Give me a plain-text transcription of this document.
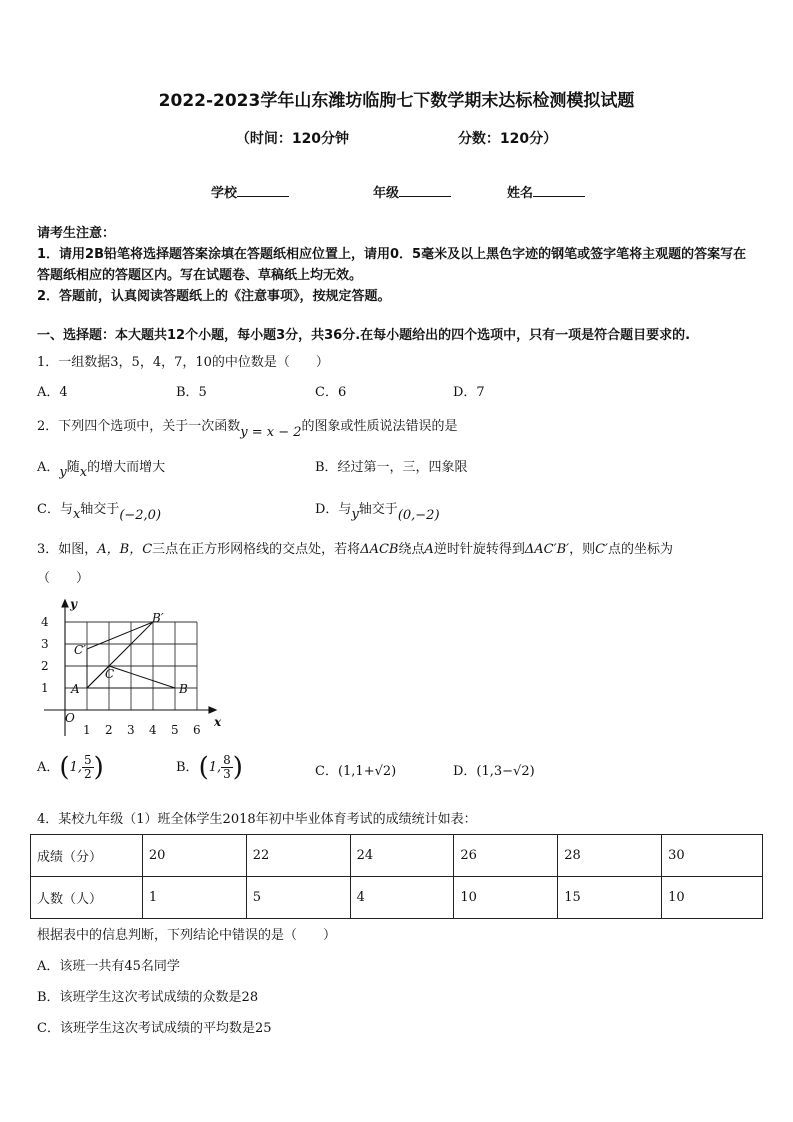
2022-2023学年山东潍坊临朐七下数学期末达标检测模拟试题
（时间：120分钟	分数：120分）
学校	年级	姓名
请考生注意：
1．请用2B铅笔将选择题答案涂填在答题纸相应位置上，请用0．5毫米及以上黑色字迹的钢笔或签字笔将主观题的答案写在答题纸相应的答题区内。写在试题卷、草稿纸上均无效。
2．答题前，认真阅读答题纸上的《注意事项》，按规定答题。
一、选择题：本大题共12个小题，每小题3分，共36分.在每小题给出的四个选项中，只有一项是符合题目要求的.
1．一组数据3，5，4，7，10的中位数是（　　）
A．4	B．5	C．6	D．7
2．下列四个选项中，关于一次函数y = x − 2的图象或性质说法错误的是
A．y随x的增大而增大	B．经过第一，三，四象限
C．与x轴交于(−2,0)	D．与y轴交于(0,−2)
3．如图，A，B，C三点在正方形网格线的交点处，若将ΔACB绕点A逆时针旋转得到ΔAC′B′，则C′点的坐标为
（　　）
y
x
O
1 2 3 4 5 6
1
2
3
4
A	B
C
B′
C′
A．(1, $\frac{5}{2}$ )	B．(1, $\frac{8}{3}$ )	C．(1,1+√2)	D．(1,3−√2)
4．某校九年级（1）班全体学生2018年初中毕业体育考试的成绩统计如表：
成绩（分）	20	22	24	26	28	30
人数（人）	1	5	4	10	15	10
根据表中的信息判断，下列结论中错误的是（　　）
A．该班一共有45名同学
B．该班学生这次考试成绩的众数是28
C．该班学生这次考试成绩的平均数是25
